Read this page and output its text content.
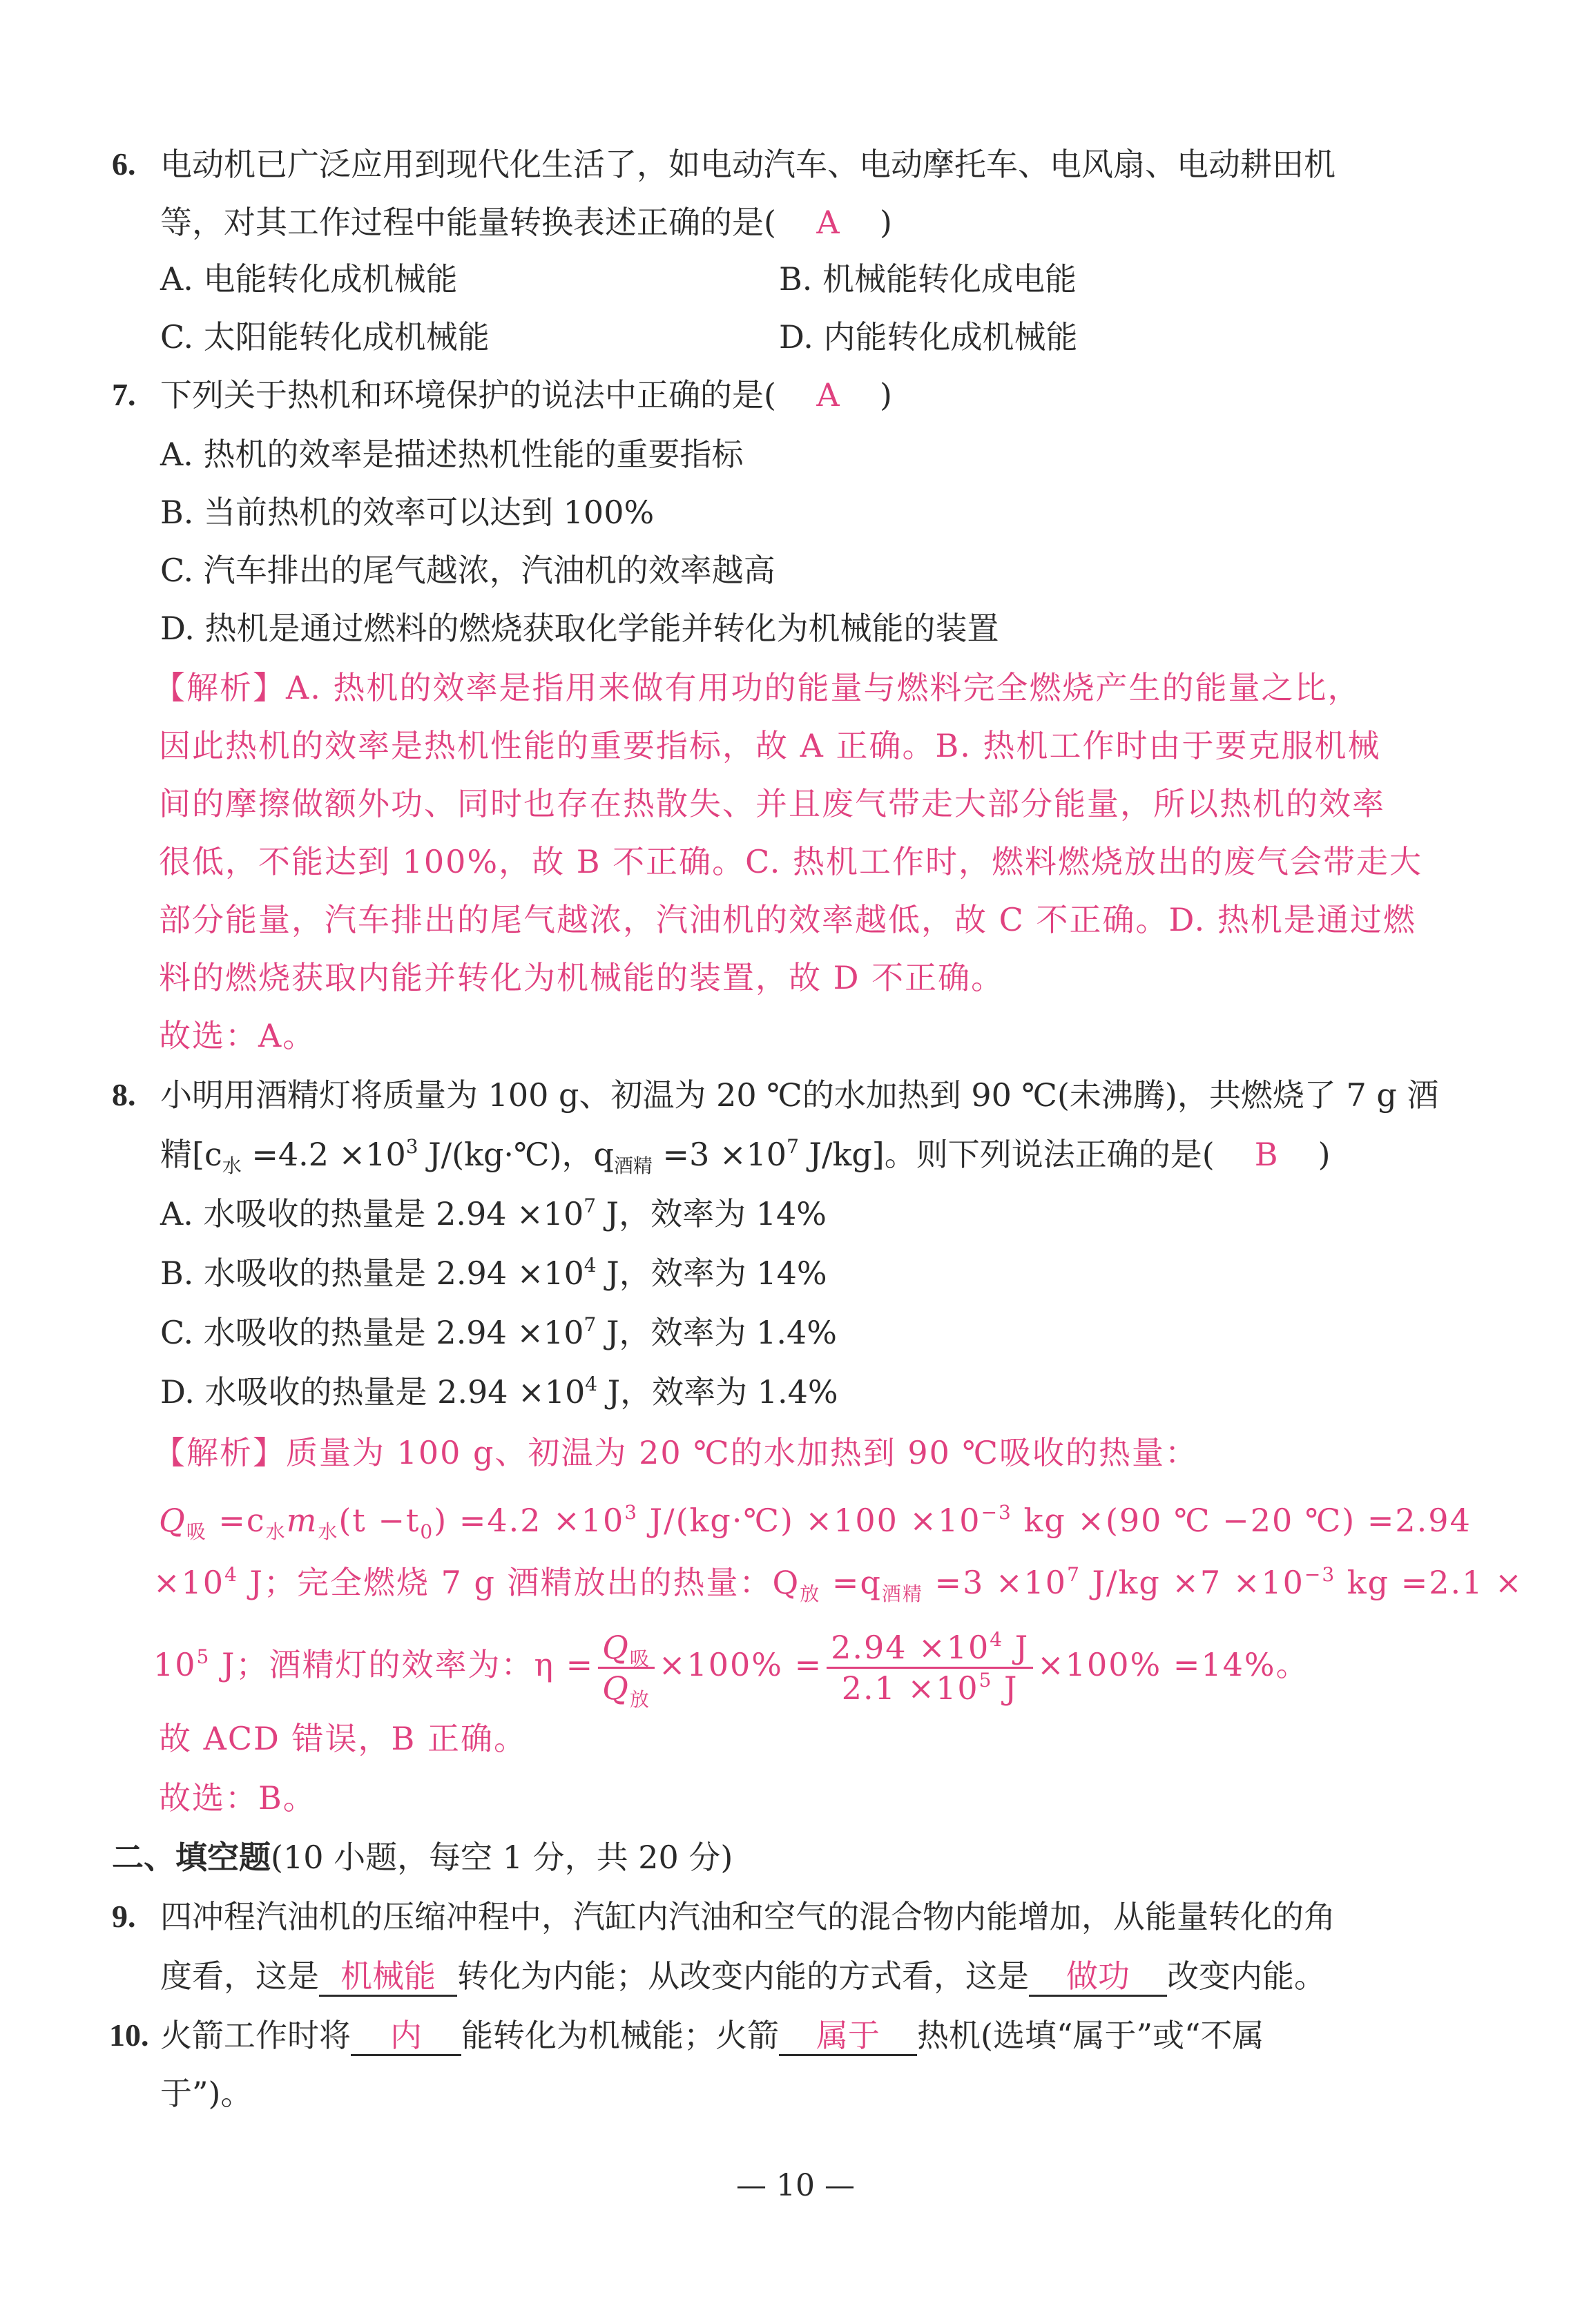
6. 电动机已广泛应用到现代化生活了，如电动汽车、电动摩托车、电风扇、电动耕田机
等，对其工作过程中能量转换表述正确的是( A )
A. 电能转化成机械能	B. 机械能转化成电能
C. 太阳能转化成机械能	D. 内能转化成机械能
7. 下列关于热机和环境保护的说法中正确的是( A )
A. 热机的效率是描述热机性能的重要指标
B. 当前热机的效率可以达到 100%
C. 汽车排出的尾气越浓，汽油机的效率越高
D. 热机是通过燃料的燃烧获取化学能并转化为机械能的装置
【解析】A. 热机的效率是指用来做有用功的能量与燃料完全燃烧产生的能量之比，
因此热机的效率是热机性能的重要指标，故 A 正确。B. 热机工作时由于要克服机械
间的摩擦做额外功、同时也存在热散失、并且废气带走大部分能量，所以热机的效率
很低，不能达到 100%，故 B 不正确。C. 热机工作时，燃料燃烧放出的废气会带走大
部分能量，汽车排出的尾气越浓，汽油机的效率越低，故 C 不正确。D. 热机是通过燃
料的燃烧获取内能并转化为机械能的装置，故 D 不正确。
故选：A。
8. 小明用酒精灯将质量为 100 g、初温为 20 ℃的水加热到 90 ℃(未沸腾)，共燃烧了 7 g 酒
精[$c_水 =4.2 \times 10^3$ J/(kg·℃)，$q_{酒精} =3 \times 10^7$ J/kg]。则下列说法正确的是( B )
A. 水吸收的热量是 $2.94 \times 10^7$ J，效率为 14%
B. 水吸收的热量是 $2.94 \times 10^4$ J，效率为 14%
C. 水吸收的热量是 $2.94 \times 10^7$ J，效率为 1.4%
D. 水吸收的热量是 $2.94 \times 10^4$ J，效率为 1.4%
【解析】质量为 100 g、初温为 20 ℃的水加热到 90 ℃吸收的热量：
$Q_吸 =c_水m_水(t -t_0) =4.2 \times 10^3$ J/(kg·℃) $\times 100 \times 10^{-3}$ kg ×(90 ℃ −20 ℃) =2.94
$\times 10^4$ J；完全燃烧 7 g 酒精放出的热量：$Q_放 =q_{酒精} =3 \times 10^7$ $J/kg \times 7 \times 10^{-3}$ kg =2.1 ×
$10^5$ J；酒精灯的效率为：$\eta = \frac{Q_吸}{Q_放} \times 100\% = \frac{2.94 \times 10^4 J}{2.1 \times 10^5 J} \times 100\% =14\%$。
故 ACD 错误，B 正确。
故选：B。
二、填空题(10 小题，每空 1 分，共 20 分)
9. 四冲程汽油机的压缩冲程中，汽缸内汽油和空气的混合物内能增加，从能量转化的角
度看，这是 机械能 转化为内能；从改变内能的方式看，这是 做功 改变内能。
10. 火箭工作时将 内 能转化为机械能；火箭 属于 热机(选填“属于”或“不属
于”)。
— 10 —
